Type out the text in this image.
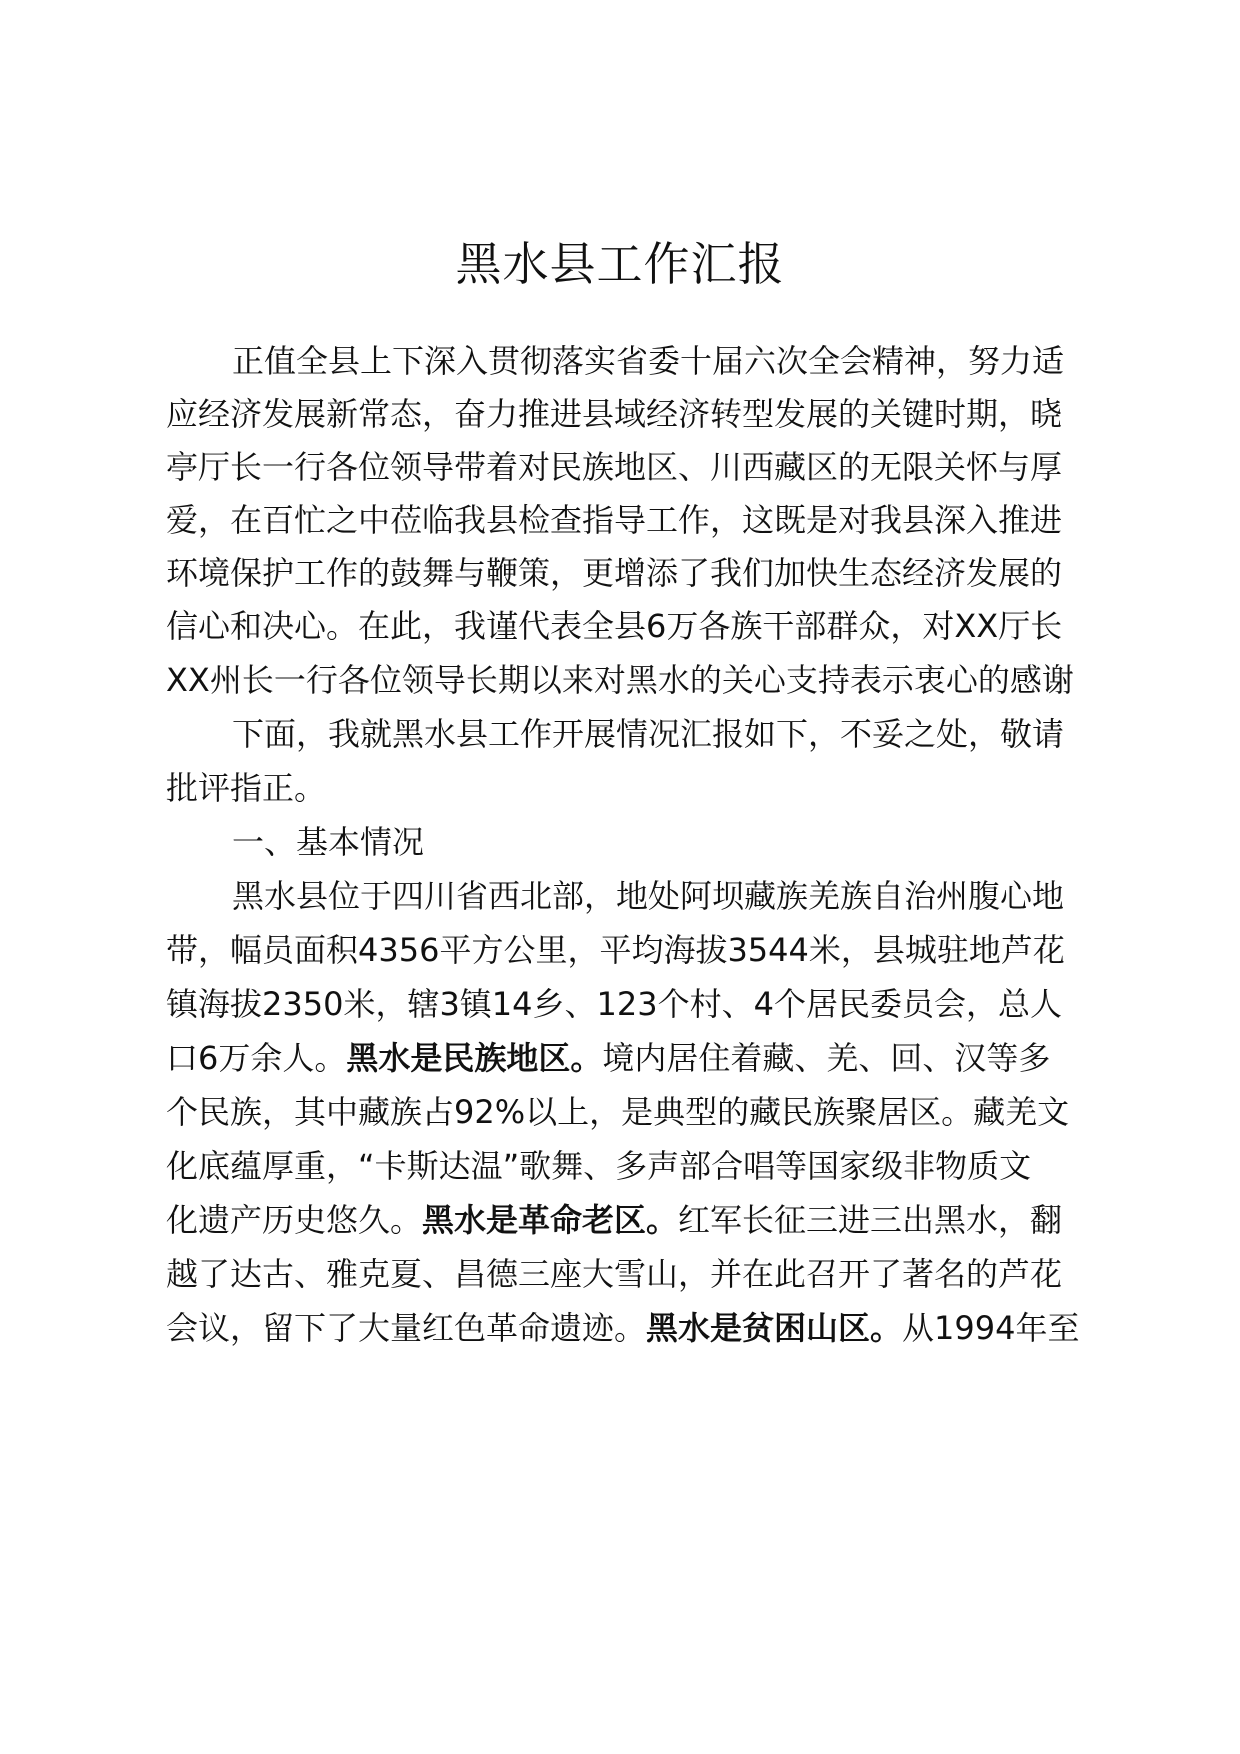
黑水县工作汇报
正值全县上下深入贯彻落实省委十届六次全会精神，努力适
应经济发展新常态，奋力推进县域经济转型发展的关键时期，晓
亭厅长一行各位领导带着对民族地区、川西藏区的无限关怀与厚
爱，在百忙之中莅临我县检查指导工作，这既是对我县深入推进
环境保护工作的鼓舞与鞭策，更增添了我们加快生态经济发展的
信心和决心。在此，我谨代表全县6万各族干部群众，对XX厅长
XX州长一行各位领导长期以来对黑水的关心支持表示衷心的感谢
下面，我就黑水县工作开展情况汇报如下，不妥之处，敬请
批评指正。
一、基本情况
黑水县位于四川省西北部，地处阿坝藏族羌族自治州腹心地
带，幅员面积4356平方公里，平均海拔3544米，县城驻地芦花
镇海拔2350米，辖3镇14乡、123个村、4个居民委员会，总人
口6万余人。黑水是民族地区。境内居住着藏、羌、回、汉等多
个民族，其中藏族占92%以上，是典型的藏民族聚居区。藏羌文
化底蕴厚重，“卡斯达温”歌舞、多声部合唱等国家级非物质文
化遗产历史悠久。黑水是革命老区。红军长征三进三出黑水，翻
越了达古、雅克夏、昌德三座大雪山，并在此召开了著名的芦花
会议，留下了大量红色革命遗迹。黑水是贫困山区。从1994年至
